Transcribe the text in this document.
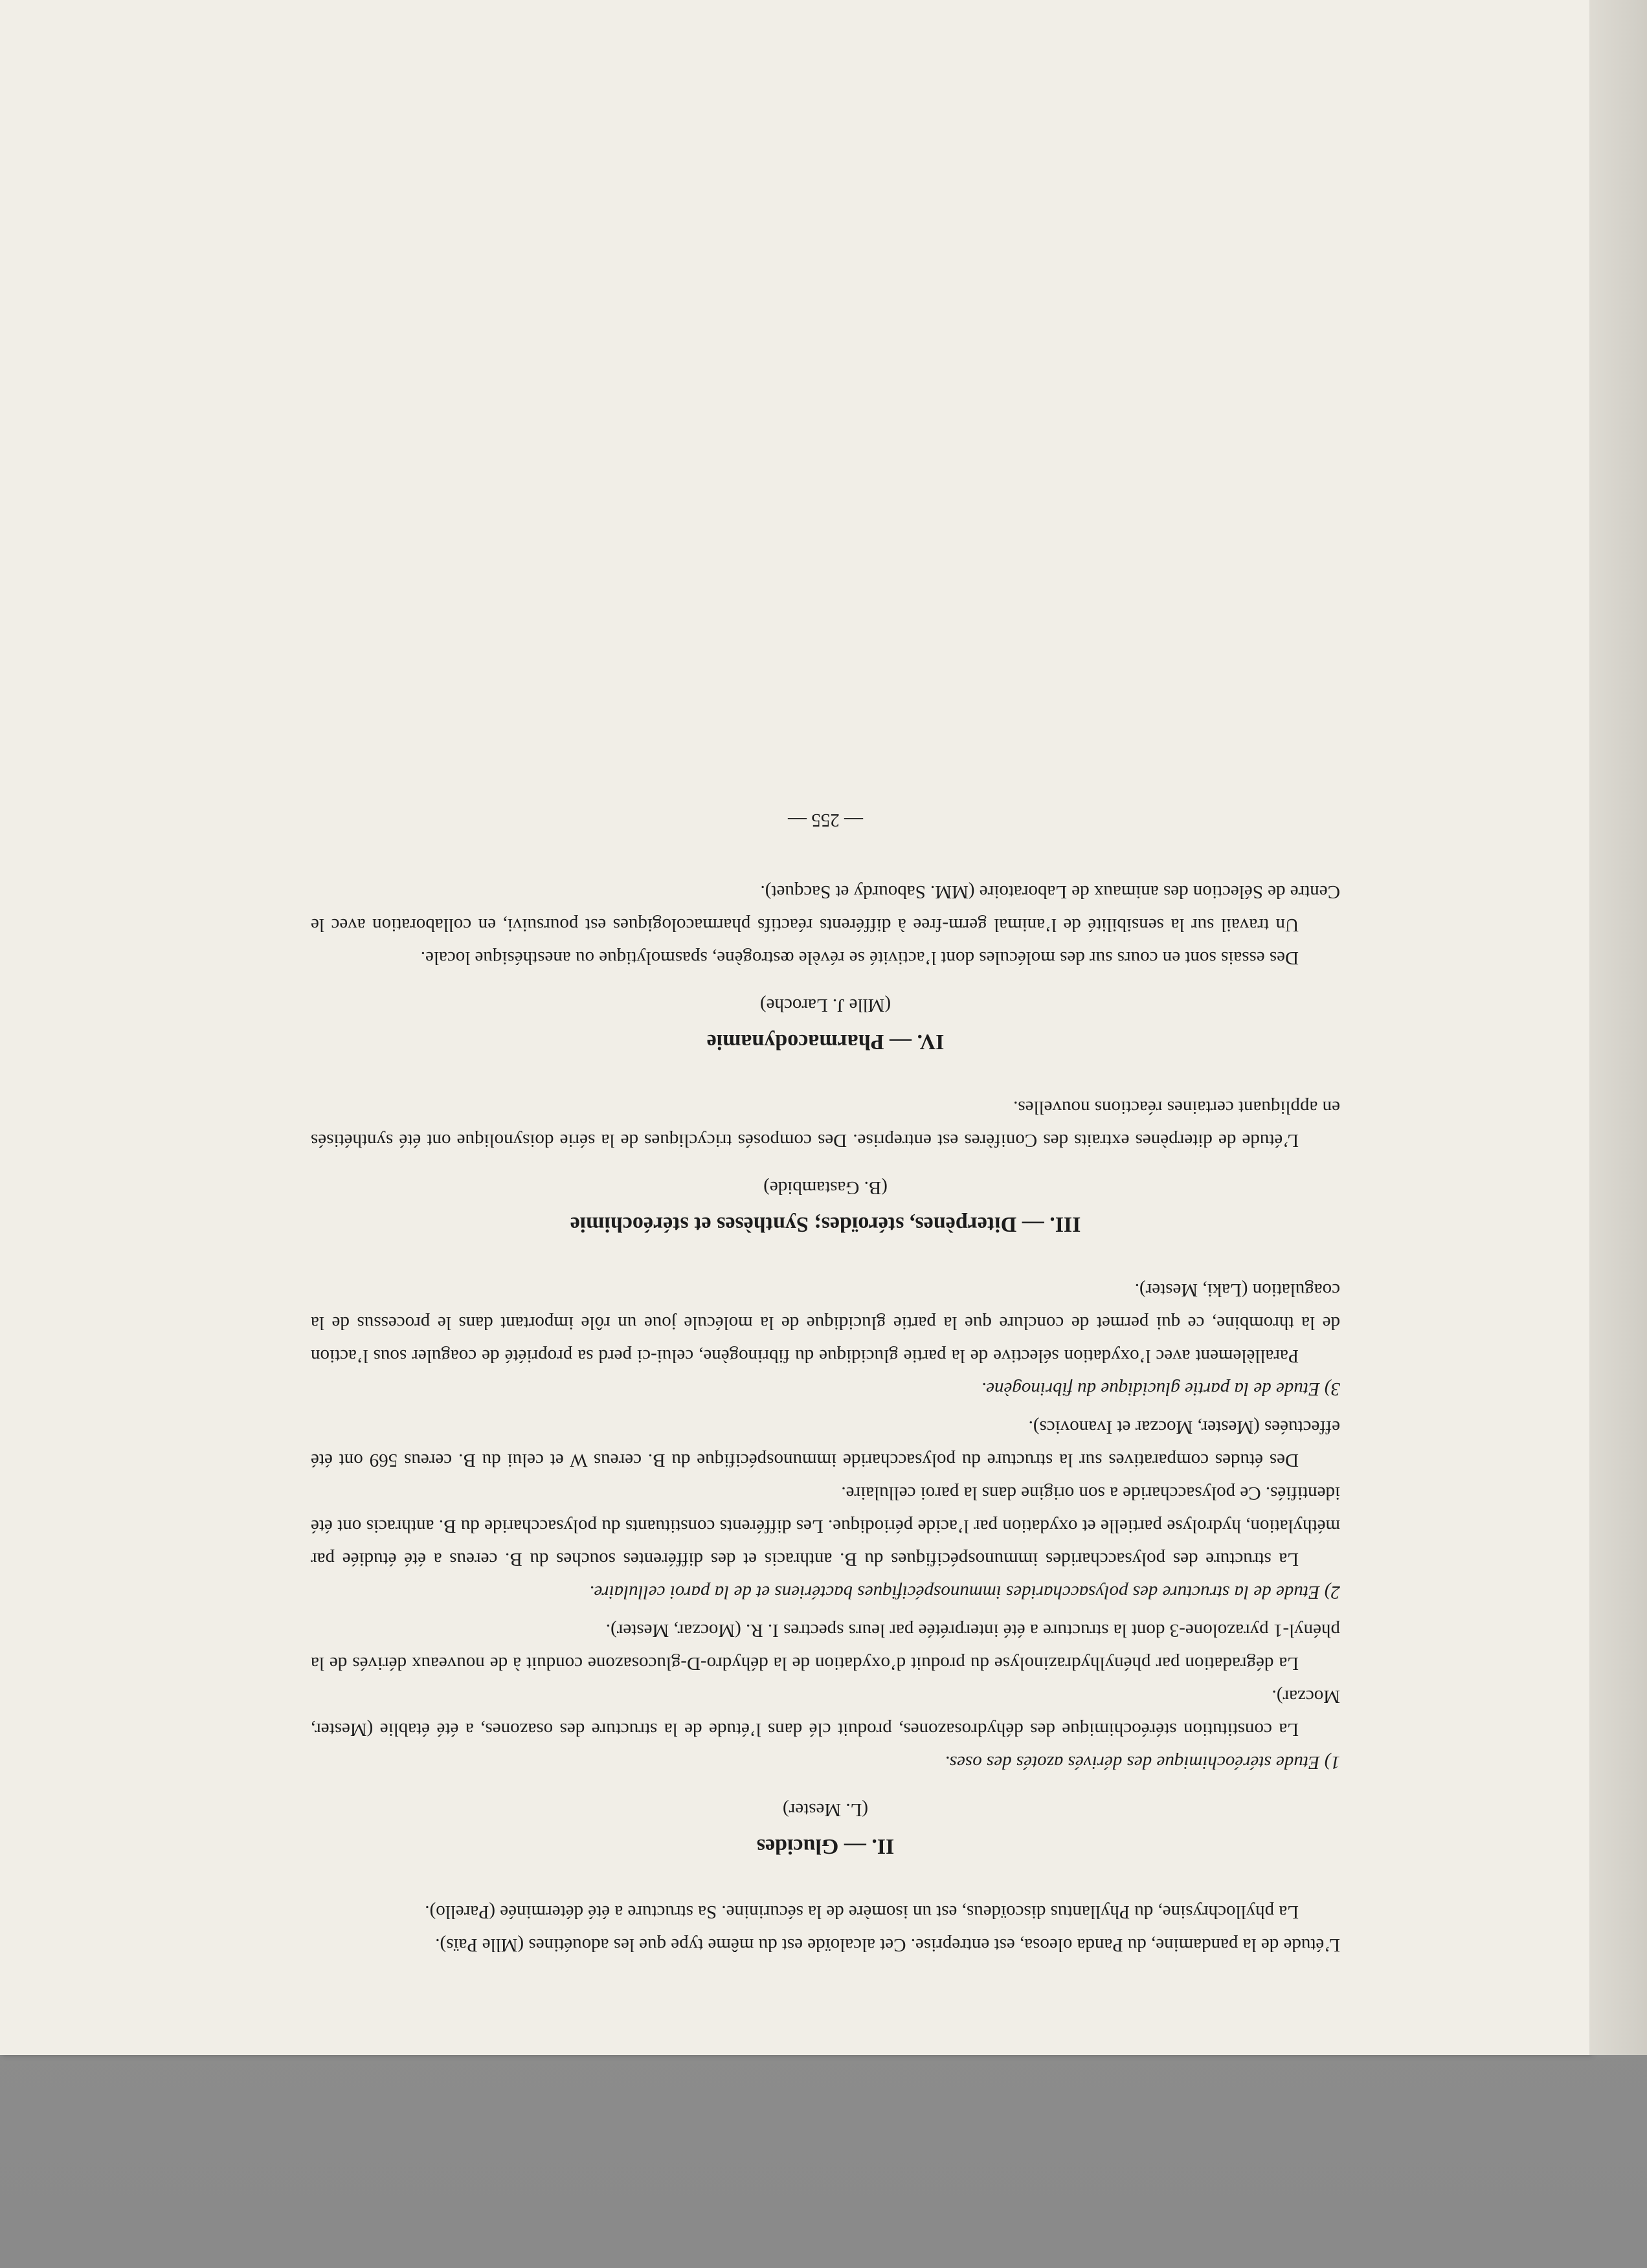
L’étude de la pandamine, du Panda oleosa, est entreprise. Cet alcaloïde est du même type que les adouétines (Mlle Païs).

La phyllochrysine, du Phyllantus discoïdeus, est un isomère de la sécurinine. Sa structure a été déterminée (Parello).

II. — Glucides
(L. Mester)

1) Etude stéréochimique des dérivés azotés des oses.

La constitution stéréochimique des déhydrosazones, produit clé dans l’étude de la structure des osazones, a été établie (Mester, Moczar).

La dégradation par phénylhydrazinolyse du produit d’oxydation de la déhydro-D-glucosazone conduit à de nouveaux dérivés de la phényl-1 pyrazolone-3 dont la structure a été interprétée par leurs spectres I. R. (Moczar, Mester).

2) Etude de la structure des polysaccharides immunospécifiques bactériens et de la paroi cellulaire.

La structure des polysaccharides immunospécifiques du B. anthracis et des différentes souches du B. cereus a été étudiée par méthylation, hydrolyse partielle et oxydation par l’acide périodique. Les différents constituants du polysaccharide du B. anthracis ont été identifiés. Ce polysaccharide a son origine dans la paroi cellulaire.

Des études comparatives sur la structure du polysaccharide immunospécifique du B. cereus W et celui du B. cereus 569 ont été effectuées (Mester, Moczar et Ivanovics).

3) Etude de la partie glucidique du fibrinogène.

Parallèlement avec l’oxydation sélective de la partie glucidique du fibrinogène, celui-ci perd sa propriété de coaguler sous l’action de la thrombine, ce qui permet de conclure que la partie glucidique de la molécule joue un rôle important dans le processus de la coagulation (Laki, Mester).

III. — Diterpènes, stéroïdes; Synthèses et stéréochimie
(B. Gastambide)

L’étude de diterpènes extraits des Conifères est entreprise. Des composés tricycliques de la série doisynolique ont été synthétisés en appliquant certaines réactions nouvelles.

IV. — Pharmacodynamie
(Mlle J. Laroche)

Des essais sont en cours sur des molécules dont l’activité se révèle œstrogène, spasmolytique ou anesthésique locale.

Un travail sur la sensibilité de l’animal germ-free à différents réactifs pharmacologiques est poursuivi, en collaboration avec le Centre de Sélection des animaux de Laboratoire (MM. Sabourdy et Sacquet).

— 255 —
